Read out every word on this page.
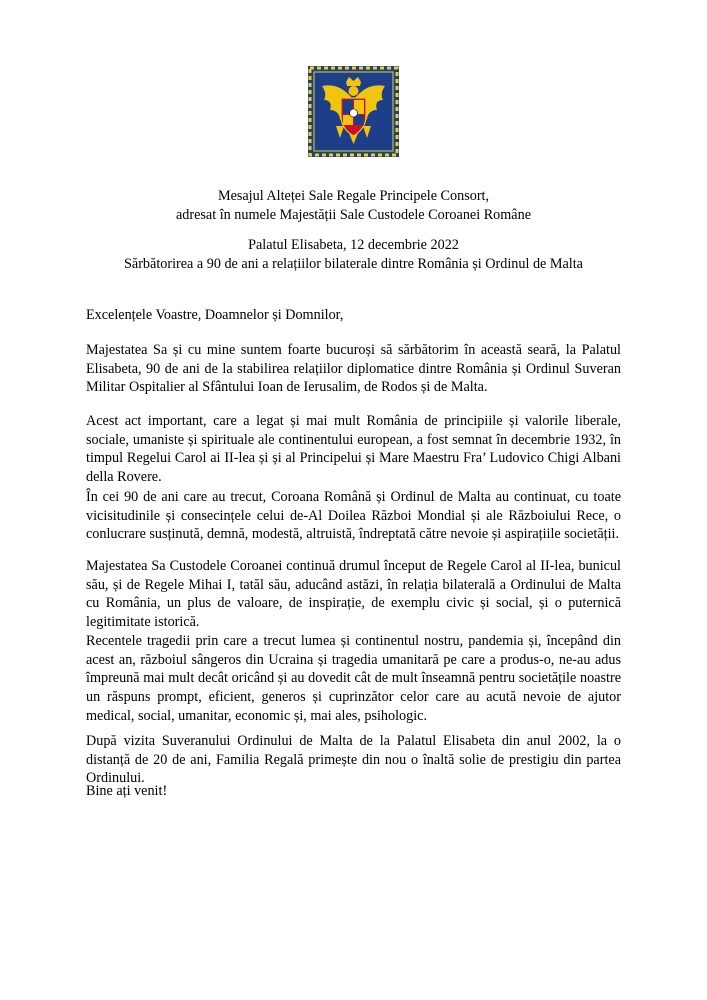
Mesajul Alteței Sale Regale Principele Consort,

adresat în numele Majestății Sale Custodele Coroanei Române

Palatul Elisabeta, 12 decembrie 2022

Sărbătorirea a 90 de ani a relațiilor bilaterale dintre România și Ordinul de Malta

Excelențele Voastre, Doamnelor și Domnilor,

Majestatea Sa și cu mine suntem foarte bucuroși să sărbătorim în această seară, la Palatul Elisabeta, 90 de ani de la stabilirea relațiilor diplomatice dintre România și Ordinul Suveran Militar Ospitalier al Sfântului Ioan de Ierusalim, de Rodos și de Malta.

Acest act important, care a legat și mai mult România de principiile și valorile liberale, sociale, umaniste și spirituale ale continentului european, a fost semnat în decembrie 1932, în timpul Regelui Carol ai II-lea și și al Principelui și Mare Maestru Fra’ Ludovico Chigi Albani della Rovere.

În cei 90 de ani care au trecut, Coroana Română și Ordinul de Malta au continuat, cu toate vicisitudinile și consecințele celui de-Al Doilea Război Mondial și ale Războiului Rece, o conlucrare susținută, demnă, modestă, altruistă, îndreptată către nevoie și aspirațiile societății.

Majestatea Sa Custodele Coroanei continuă drumul început de Regele Carol al II-lea, bunicul său, și de Regele Mihai I, tatăl său, aducând astăzi, în relația bilaterală a Ordinului de Malta cu România, un plus de valoare, de inspirație, de exemplu civic și social, și o puternică legitimitate istorică.

Recentele tragedii prin care a trecut lumea și continentul nostru, pandemia și, începând din acest an, războiul sângeros din Ucraina și tragedia umanitară pe care a produs-o, ne-au adus împreună mai mult decât oricând și au dovedit cât de mult înseamnă pentru societățile noastre un răspuns prompt, eficient, generos și cuprinzător celor care au acută nevoie de ajutor medical, social, umanitar, economic și, mai ales, psihologic.

După vizita Suveranului Ordinului de Malta de la Palatul Elisabeta din anul 2002, la o distanță de 20 de ani, Familia Regală primește din nou o înaltă solie de prestigiu din partea Ordinului.

Bine ați venit!
